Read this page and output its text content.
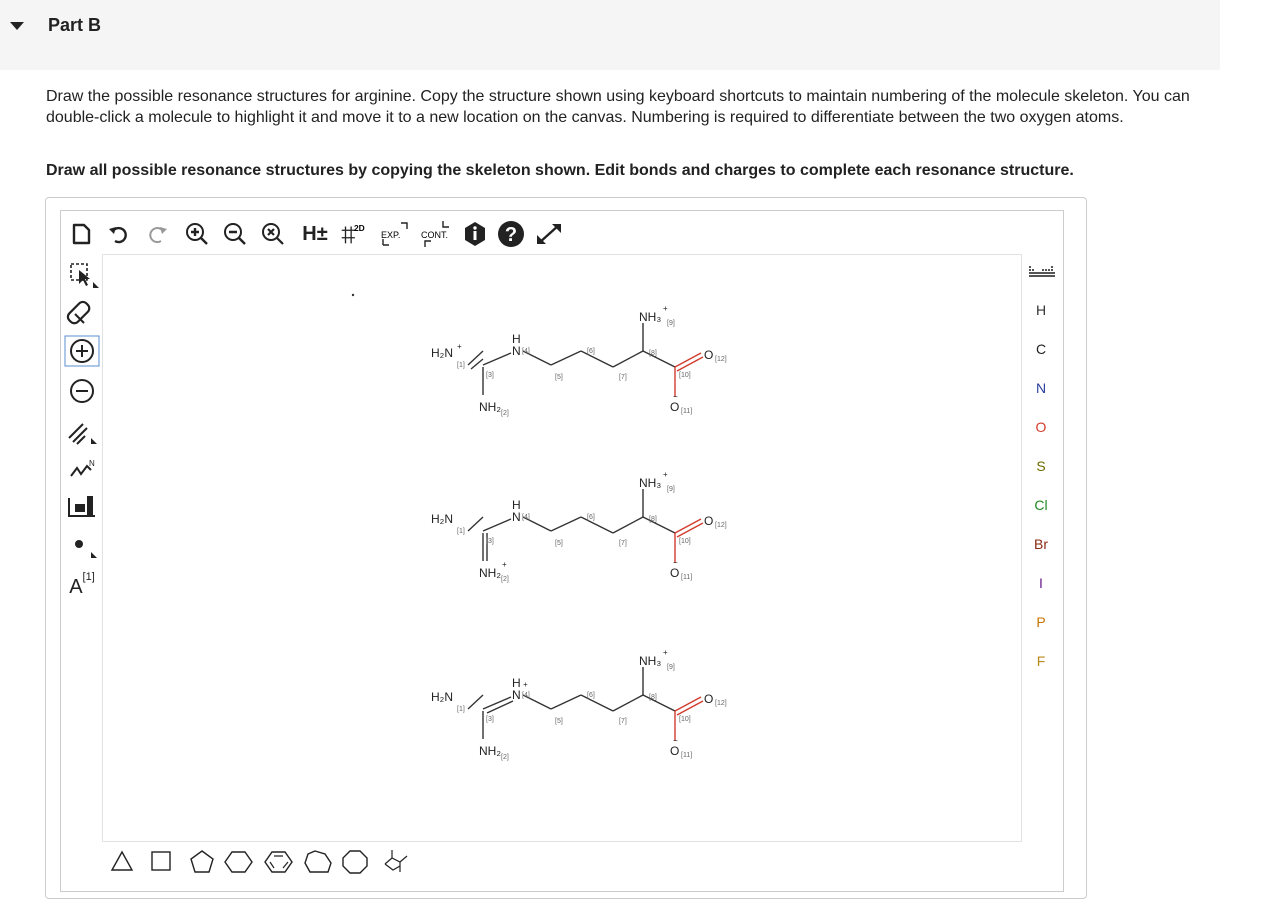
Part B
Draw the possible resonance structures for arginine. Copy the structure shown using keyboard shortcuts to maintain numbering of the molecule skeleton. You can double-click a molecule to highlight it and move it to a new location on the canvas. Numbering is required to differentiate between the two oxygen atoms.
Draw all possible resonance structures by copying the skeleton shown. Edit bonds and charges to complete each resonance structure.
H±	2D
EXP. CONT.	?
N
A [1]
H
C
N
O
S
Cl
Br
I
P
F
H₂N +
[1]
[3]
NH₂ [2]
H
N [4]
[5]
[6]
[7]
[8]
NH₃
+
[9]
[10]
O [12]
O
−
[11]
H₂N
[1]
[3]
NH₂
+
[2]
H
N [4]
[5]
[6]
[7]
[8]
NH₃
+
[9]
[10]
O [12]
O
−
[11]
H₂N
[1]
[3]
NH₂ [2]
H
N [4]
+
[5]
[6]
[7]
[8]
NH₃
+
[9]
[10]
O [12]
O
−
[11]
